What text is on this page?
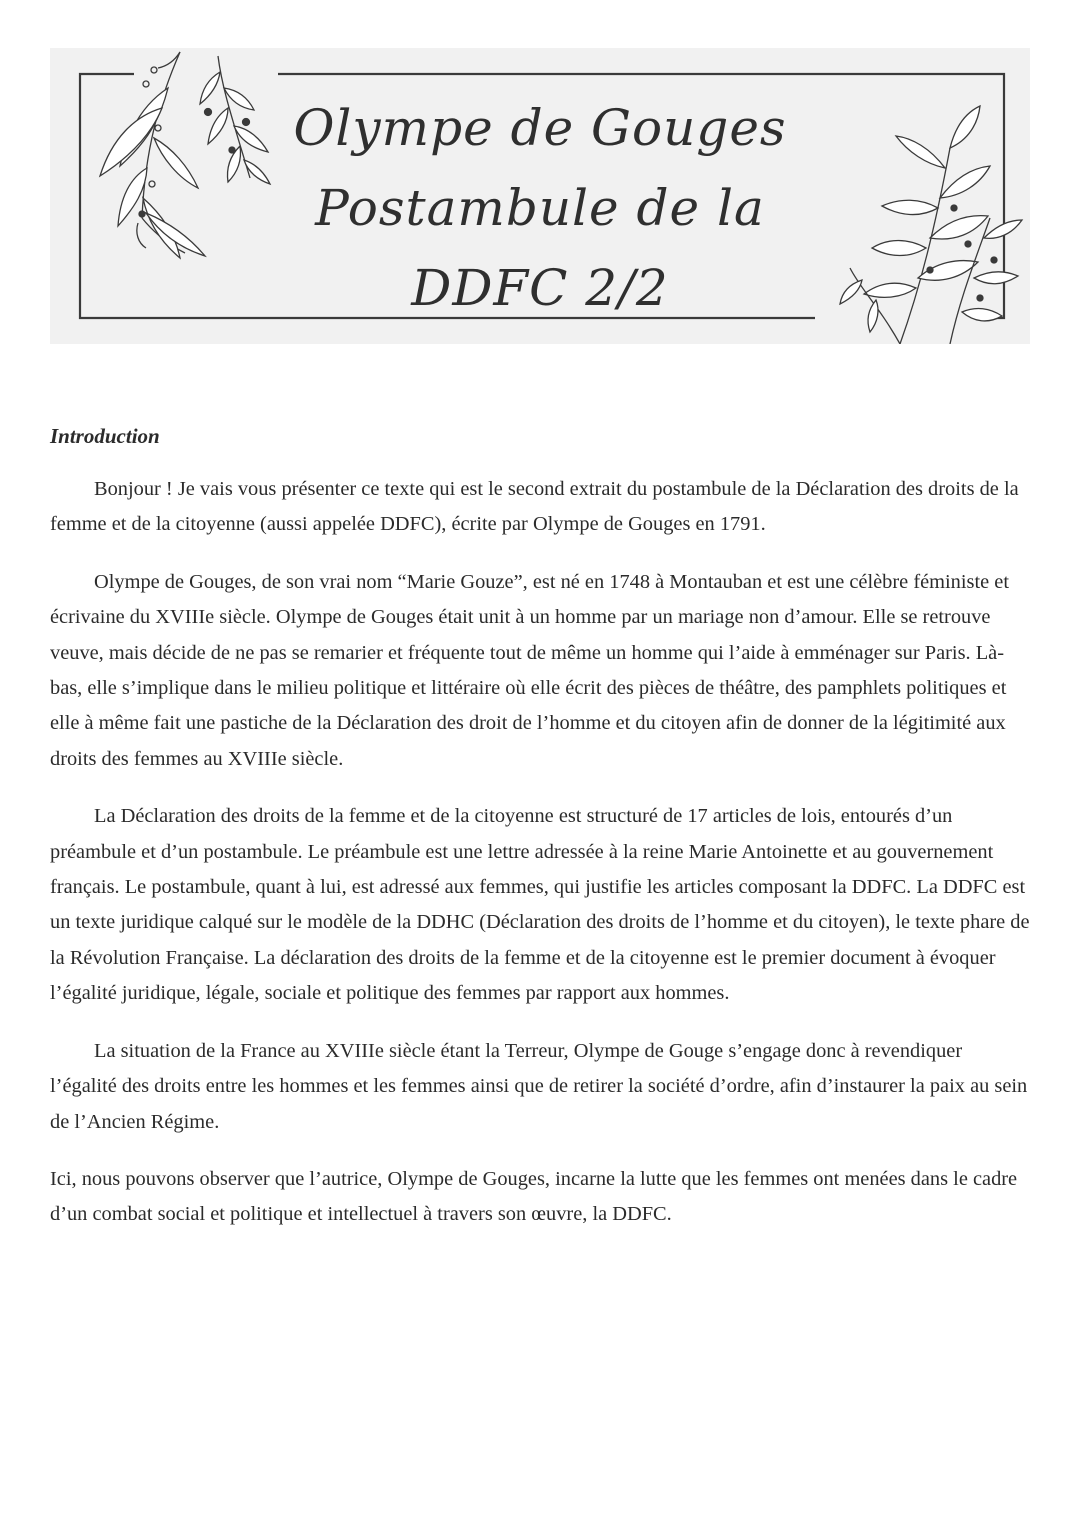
Olympe de Gouges
Postambule de la
DDFC 2/2

Introduction

Bonjour ! Je vais vous présenter ce texte qui est le second extrait du postambule de la Déclaration des droits de la femme et de la citoyenne (aussi appelée DDFC), écrite par Olympe de Gouges en 1791.

Olympe de Gouges, de son vrai nom “Marie Gouze”, est né en 1748 à Montauban et est une célèbre féministe et écrivaine du XVIIIe siècle. Olympe de Gouges était unit à un homme par un mariage non d’amour. Elle se retrouve veuve, mais décide de ne pas se remarier et fréquente tout de même un homme qui l’aide à emménager sur Paris. Là-bas, elle s’implique dans le milieu politique et littéraire où elle écrit des pièces de théâtre, des pamphlets politiques et elle à même fait une pastiche de la Déclaration des droit de l’homme et du citoyen afin de donner de la légitimité aux droits des femmes au XVIIIe siècle.

La Déclaration des droits de la femme et de la citoyenne est structuré de 17 articles de lois, entourés d’un préambule et d’un postambule. Le préambule est une lettre adressée à la reine Marie Antoinette et au gouvernement français. Le postambule, quant à lui, est adressé aux femmes, qui justifie les articles composant la DDFC. La DDFC est un texte juridique calqué sur le modèle de la DDHC (Déclaration des droits de l’homme et du citoyen), le texte phare de la Révolution Française. La déclaration des droits de la femme et de la citoyenne est le premier document à évoquer l’égalité juridique, légale, sociale et politique des femmes par rapport aux hommes.

La situation de la France au XVIIIe siècle étant la Terreur, Olympe de Gouge s’engage donc à revendiquer l’égalité des droits entre les hommes et les femmes ainsi que de retirer la société d’ordre, afin d’instaurer la paix au sein de l’Ancien Régime.

Ici, nous pouvons observer que l’autrice, Olympe de Gouges, incarne la lutte que les femmes ont menées dans le cadre d’un combat social et politique et intellectuel à travers son œuvre, la DDFC.
